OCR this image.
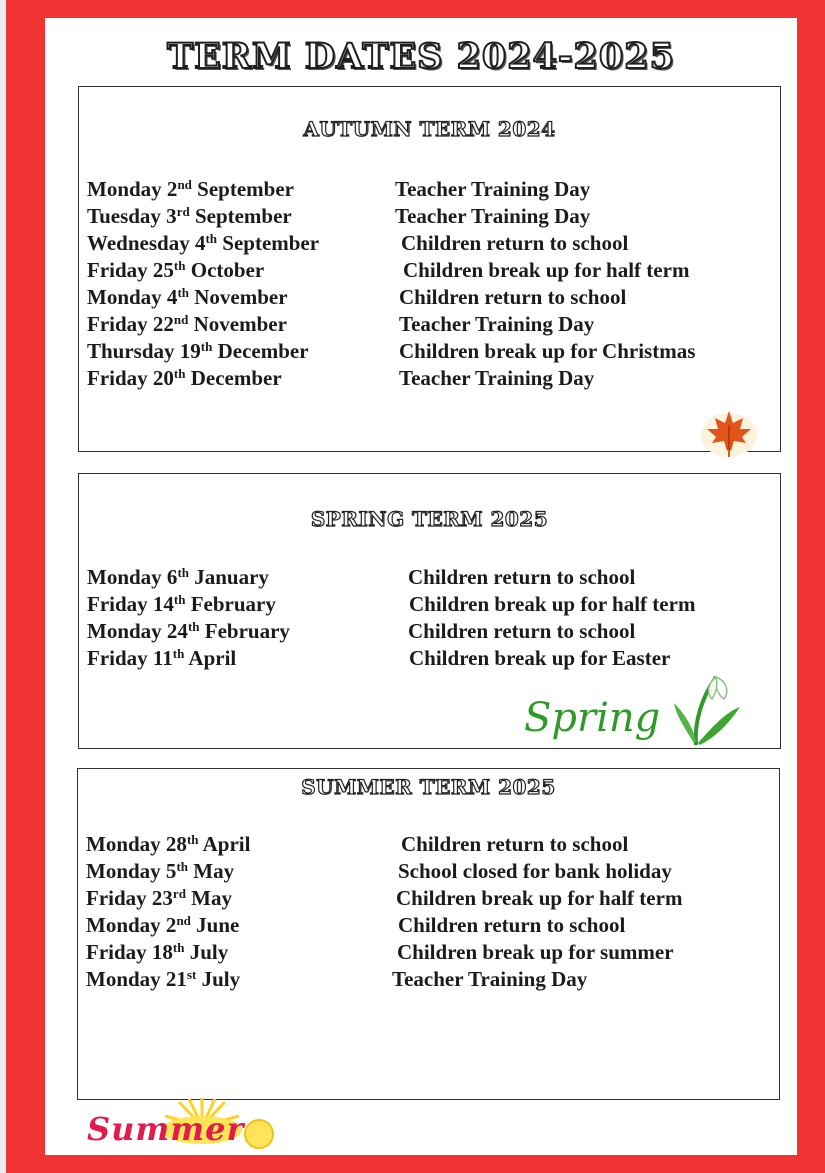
TERM DATES 2024-2025
AUTUMN TERM 2024
Monday 2nd September	Teacher Training Day
Tuesday 3rd September	Teacher Training Day
Wednesday 4th September	Children return to school
Friday 25th October	Children break up for half term
Monday 4th November	Children return to school
Friday 22nd November	Teacher Training Day
Thursday 19th December	Children break up for Christmas
Friday 20th December	Teacher Training Day
SPRING TERM 2025
Monday 6th January	Children return to school
Friday 14th February	Children break up for half term
Monday 24th February	Children return to school
Friday 11th April	Children break up for Easter
Spring
SUMMER TERM 2025
Monday 28th April	Children return to school
Monday 5th May	School closed for bank holiday
Friday 23rd May	Children break up for half term
Monday 2nd June	Children return to school
Friday 18th July	Children break up for summer
Monday 21st July	Teacher Training Day
Summer
